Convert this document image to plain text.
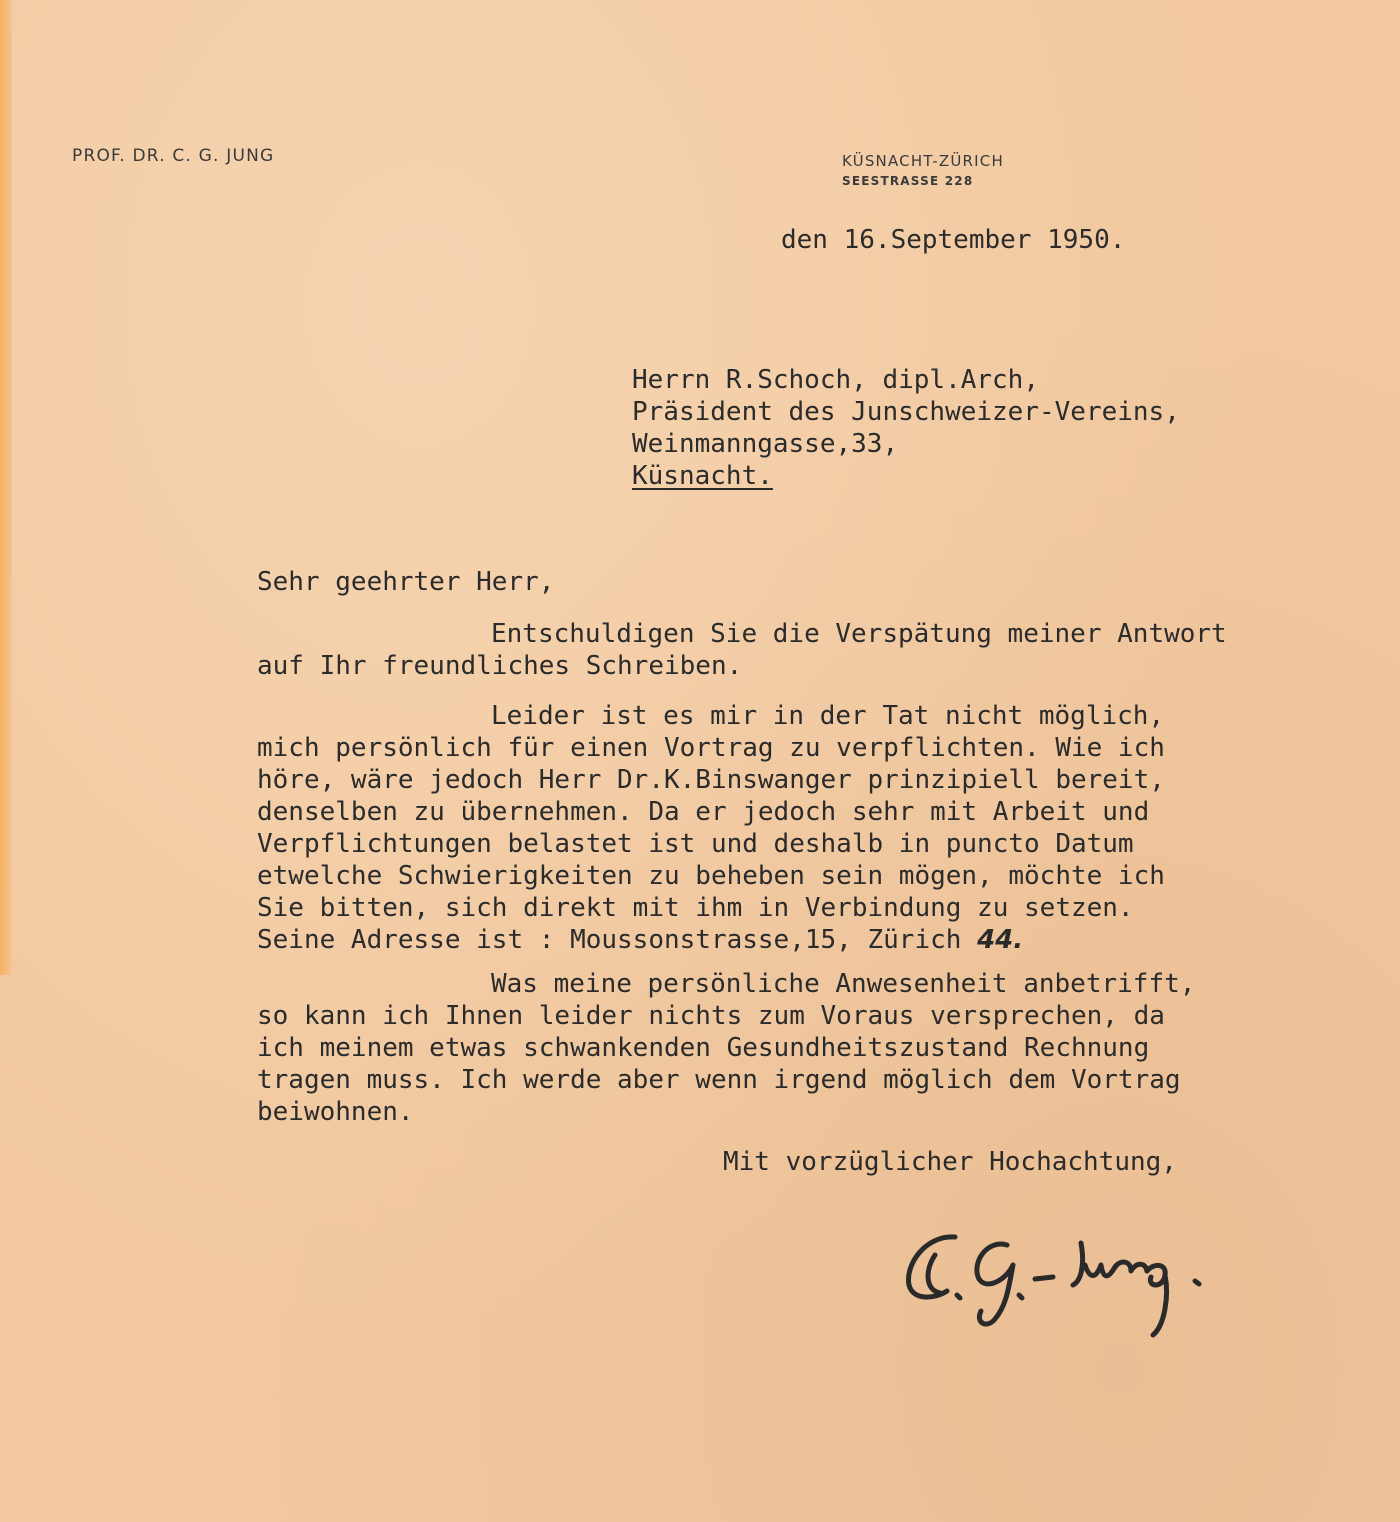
PROF. DR. C. G. JUNG	KÜSNACHT-ZÜRICH
SEESTRASSE 228
den 16.September 1950.
Herrn R.Schoch, dipl.Arch,
Präsident des Junschweizer-Vereins,
Weinmanngasse,33,
Küsnacht.
Sehr geehrter Herr,
Entschuldigen Sie die Verspätung meiner Antwort
auf Ihr freundliches Schreiben.
Leider ist es mir in der Tat nicht möglich,
mich persönlich für einen Vortrag zu verpflichten. Wie ich
höre, wäre jedoch Herr Dr.K.Binswanger prinzipiell bereit,
denselben zu übernehmen. Da er jedoch sehr mit Arbeit und
Verpflichtungen belastet ist und deshalb in puncto Datum
etwelche Schwierigkeiten zu beheben sein mögen, möchte ich
Sie bitten, sich direkt mit ihm in Verbindung zu setzen.
Seine Adresse ist : Moussonstrasse,15, Zürich 44.
Was meine persönliche Anwesenheit anbetrifft,
so kann ich Ihnen leider nichts zum Voraus versprechen, da
ich meinem etwas schwankenden Gesundheitszustand Rechnung
tragen muss. Ich werde aber wenn irgend möglich dem Vortrag
beiwohnen.
Mit vorzüglicher Hochachtung,
